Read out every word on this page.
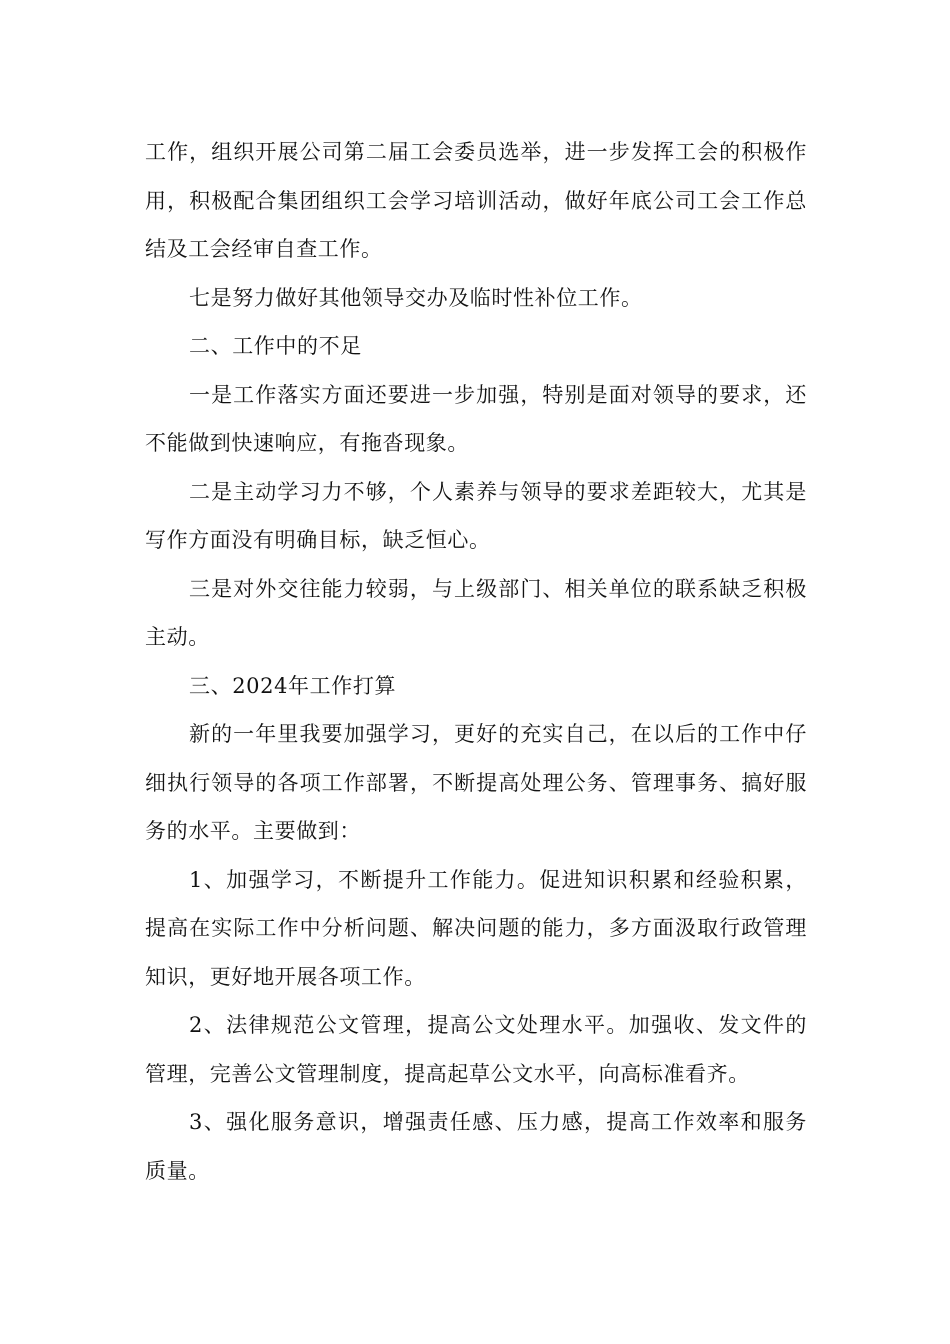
工作，组织开展公司第二届工会委员选举，进一步发挥工会的积极作用，积极配合集团组织工会学习培训活动，做好年底公司工会工作总结及工会经审自查工作。

七是努力做好其他领导交办及临时性补位工作。

二、工作中的不足

一是工作落实方面还要进一步加强，特别是面对领导的要求，还不能做到快速响应，有拖沓现象。

二是主动学习力不够，个人素养与领导的要求差距较大，尤其是写作方面没有明确目标，缺乏恒心。

三是对外交往能力较弱，与上级部门、相关单位的联系缺乏积极主动。

三、2024年工作打算

新的一年里我要加强学习，更好的充实自己，在以后的工作中仔细执行领导的各项工作部署，不断提高处理公务、管理事务、搞好服务的水平。主要做到：

1、加强学习，不断提升工作能力。促进知识积累和经验积累，提高在实际工作中分析问题、解决问题的能力，多方面汲取行政管理知识，更好地开展各项工作。

2、法律规范公文管理，提高公文处理水平。加强收、发文件的管理，完善公文管理制度，提高起草公文水平，向高标准看齐。

3、强化服务意识，增强责任感、压力感，提高工作效率和服务质量。
